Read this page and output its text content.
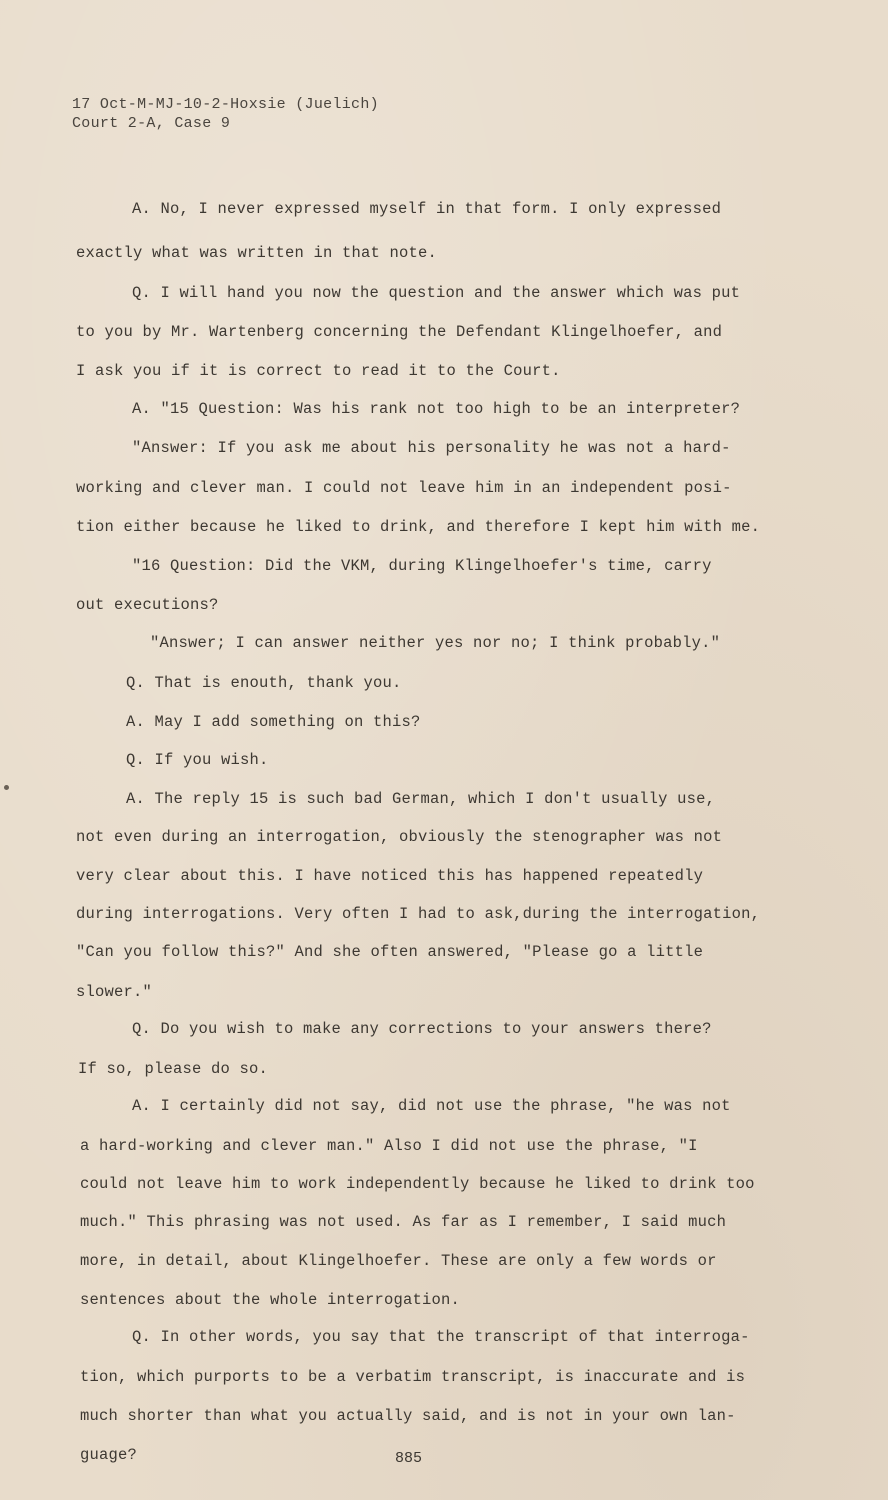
17 Oct-M-MJ-10-2-Hoxsie (Juelich)
Court 2-A, Case 9
A. No, I never expressed myself in that form. I only expressed
exactly what was written in that note.
Q. I will hand you now the question and the answer which was put
to you by Mr. Wartenberg concerning the Defendant Klingelhoefer, and
I ask you if it is correct to read it to the Court.
A. "15 Question: Was his rank not too high to be an interpreter?
"Answer: If you ask me about his personality he was not a hard-
working and clever man. I could not leave him in an independent posi-
tion either because he liked to drink, and therefore I kept him with me.
"16 Question: Did the VKM, during Klingelhoefer's time, carry
out executions?
"Answer; I can answer neither yes nor no; I think probably."
Q. That is enouth, thank you.
A. May I add something on this?
Q. If you wish.
A. The reply 15 is such bad German, which I don't usually use,
not even during an interrogation, obviously the stenographer was not
very clear about this. I have noticed this has happened repeatedly
during interrogations. Very often I had to ask,during the interrogation,
"Can you follow this?" And she often answered, "Please go a little
slower."
Q. Do you wish to make any corrections to your answers there?
If so, please do so.
A. I certainly did not say, did not use the phrase, "he was not
a hard-working and clever man." Also I did not use the phrase, "I
could not leave him to work independently because he liked to drink too
much." This phrasing was not used. As far as I remember, I said much
more, in detail, about Klingelhoefer. These are only a few words or
sentences about the whole interrogation.
Q. In other words, you say that the transcript of that interroga-
tion, which purports to be a verbatim transcript, is inaccurate and is
much shorter than what you actually said, and is not in your own lan-
guage?	885
